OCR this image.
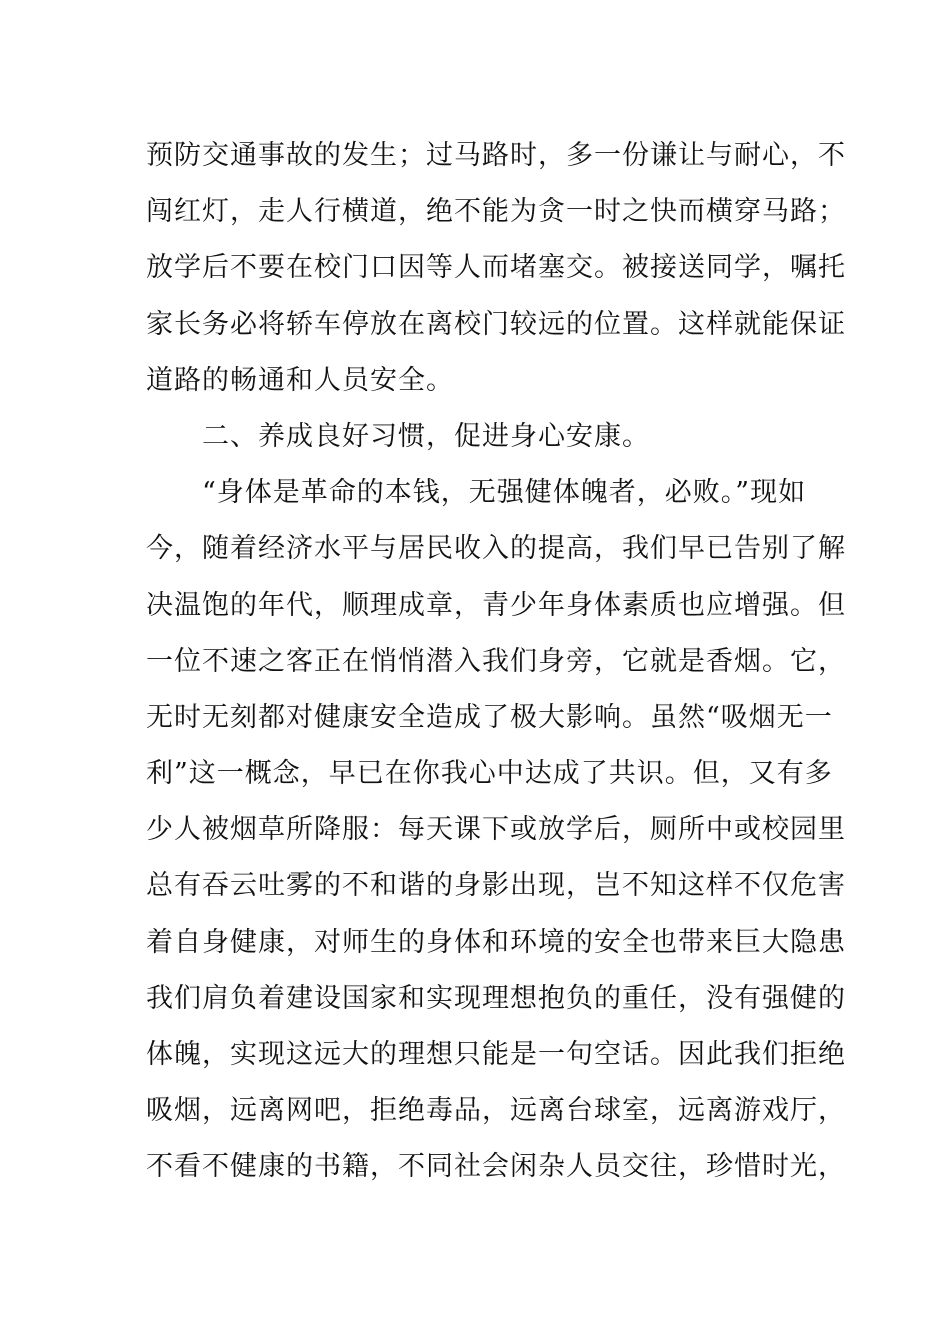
预防交通事故的发生；过马路时，多一份谦让与耐心，不
闯红灯，走人行横道，绝不能为贪一时之快而横穿马路；
放学后不要在校门口因等人而堵塞交。被接送同学，嘱托
家长务必将轿车停放在离校门较远的位置。这样就能保证
道路的畅通和人员安全。
　　二、养成良好习惯，促进身心安康。
　　“身体是革命的本钱，无强健体魄者，必败。”现如
今，随着经济水平与居民收入的提高，我们早已告别了解
决温饱的年代，顺理成章，青少年身体素质也应增强。但
一位不速之客正在悄悄潜入我们身旁，它就是香烟。它，
无时无刻都对健康安全造成了极大影响。虽然“吸烟无一
利”这一概念，早已在你我心中达成了共识。但，又有多
少人被烟草所降服：每天课下或放学后，厕所中或校园里
总有吞云吐雾的不和谐的身影出现，岂不知这样不仅危害
着自身健康，对师生的身体和环境的安全也带来巨大隐患
我们肩负着建设国家和实现理想抱负的重任，没有强健的
体魄，实现这远大的理想只能是一句空话。因此我们拒绝
吸烟，远离网吧，拒绝毒品，远离台球室，远离游戏厅，
不看不健康的书籍，不同社会闲杂人员交往，珍惜时光，
